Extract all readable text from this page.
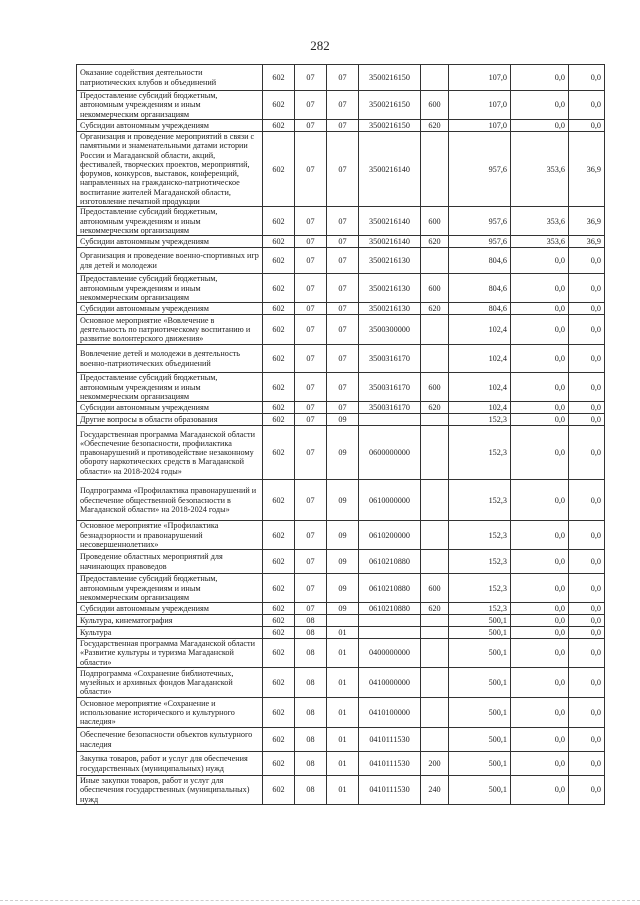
282
Оказание содействия деятельности патриотических клубов и объединений	602	07	07	3500216150		107,0	0,0	0,0
Предоставление субсидий бюджетным, автономным учреждениям и иным некоммерческим организациям	602	07	07	3500216150	600	107,0	0,0	0,0
Субсидии автономным учреждениям	602	07	07	3500216150	620	107,0	0,0	0,0
Организация и проведение мероприятий в связи с памятными и знаменательными датами истории России и Магаданской области, акций, фестивалей, творческих проектов, мероприятий, форумов, конкурсов, выставок, конференций, направленных на гражданско-патриотическое воспитание жителей Магаданской области, изготовление печатной продукции	602	07	07	3500216140		957,6	353,6	36,9
Предоставление субсидий бюджетным, автономным учреждениям и иным некоммерческим организациям	602	07	07	3500216140	600	957,6	353,6	36,9
Субсидии автономным учреждениям	602	07	07	3500216140	620	957,6	353,6	36,9
Организация и проведение военно-спортивных игр для детей и молодежи	602	07	07	3500216130		804,6	0,0	0,0
Предоставление субсидий бюджетным, автономным учреждениям и иным некоммерческим организациям	602	07	07	3500216130	600	804,6	0,0	0,0
Субсидии автономным учреждениям	602	07	07	3500216130	620	804,6	0,0	0,0
Основное мероприятие «Вовлечение в деятельность по патриотическому воспитанию и развитие волонтерского движения»	602	07	07	3500300000		102,4	0,0	0,0
Вовлечение детей и молодежи в деятельность военно-патриотических объединений	602	07	07	3500316170		102,4	0,0	0,0
Предоставление субсидий бюджетным, автономным учреждениям и иным некоммерческим организациям	602	07	07	3500316170	600	102,4	0,0	0,0
Субсидии автономным учреждениям	602	07	07	3500316170	620	102,4	0,0	0,0
Другие вопросы в области образования	602	07	09			152,3	0,0	0,0
Государственная программа Магаданской области «Обеспечение безопасности, профилактика правонарушений и противодействие незаконному обороту наркотических средств в Магаданской области» на 2018-2024 годы»	602	07	09	0600000000		152,3	0,0	0,0
Подпрограмма «Профилактика правонарушений и обеспечение общественной безопасности в Магаданской области» на 2018-2024 годы»	602	07	09	0610000000		152,3	0,0	0,0
Основное мероприятие «Профилактика безнадзорности и правонарушений несовершеннолетних»	602	07	09	0610200000		152,3	0,0	0,0
Проведение областных мероприятий для начинающих правоведов	602	07	09	0610210880		152,3	0,0	0,0
Предоставление субсидий бюджетным, автономным учреждениям и иным некоммерческим организациям	602	07	09	0610210880	600	152,3	0,0	0,0
Субсидии автономным учреждениям	602	07	09	0610210880	620	152,3	0,0	0,0
Культура, кинематография	602	08				500,1	0,0	0,0
Культура	602	08	01			500,1	0,0	0,0
Государственная программа Магаданской области «Развитие культуры и туризма Магаданской области»	602	08	01	0400000000		500,1	0,0	0,0
Подпрограмма «Сохранение библиотечных, музейных и архивных фондов Магаданской области»	602	08	01	0410000000		500,1	0,0	0,0
Основное мероприятие «Сохранение и использование исторического и культурного наследия»	602	08	01	0410100000		500,1	0,0	0,0
Обеспечение безопасности объектов культурного наследия	602	08	01	0410111530		500,1	0,0	0,0
Закупка товаров, работ и услуг для обеспечения государственных (муниципальных) нужд	602	08	01	0410111530	200	500,1	0,0	0,0
Иные закупки товаров, работ и услуг для обеспечения государственных (муниципальных) нужд	602	08	01	0410111530	240	500,1	0,0	0,0
